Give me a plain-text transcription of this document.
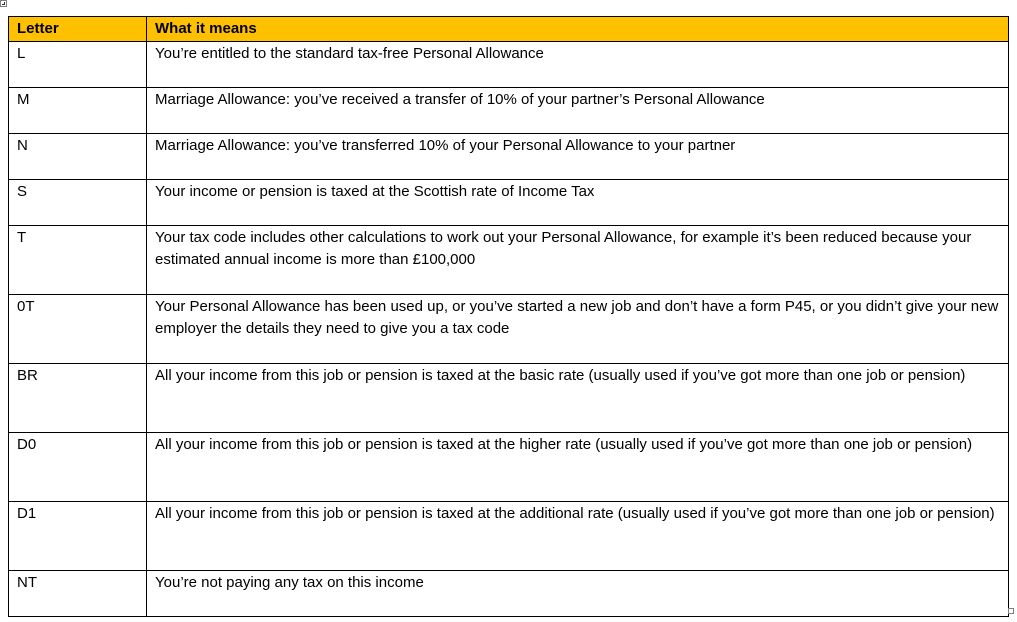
Letter	What it means
L	You’re entitled to the standard tax-free Personal Allowance
M	Marriage Allowance: you’ve received a transfer of 10% of your partner’s Personal Allowance
N	Marriage Allowance: you’ve transferred 10% of your Personal Allowance to your partner
S	Your income or pension is taxed at the Scottish rate of Income Tax
T	Your tax code includes other calculations to work out your Personal Allowance, for example it’s been reduced because your estimated annual income is more than £100,000
0T	Your Personal Allowance has been used up, or you’ve started a new job and don’t have a form P45, or you didn’t give your new employer the details they need to give you a tax code
BR	All your income from this job or pension is taxed at the basic rate (usually used if you’ve got more than one job or pension)
D0	All your income from this job or pension is taxed at the higher rate (usually used if you’ve got more than one job or pension)
D1	All your income from this job or pension is taxed at the additional rate (usually used if you’ve got more than one job or pension)
NT	You’re not paying any tax on this income
